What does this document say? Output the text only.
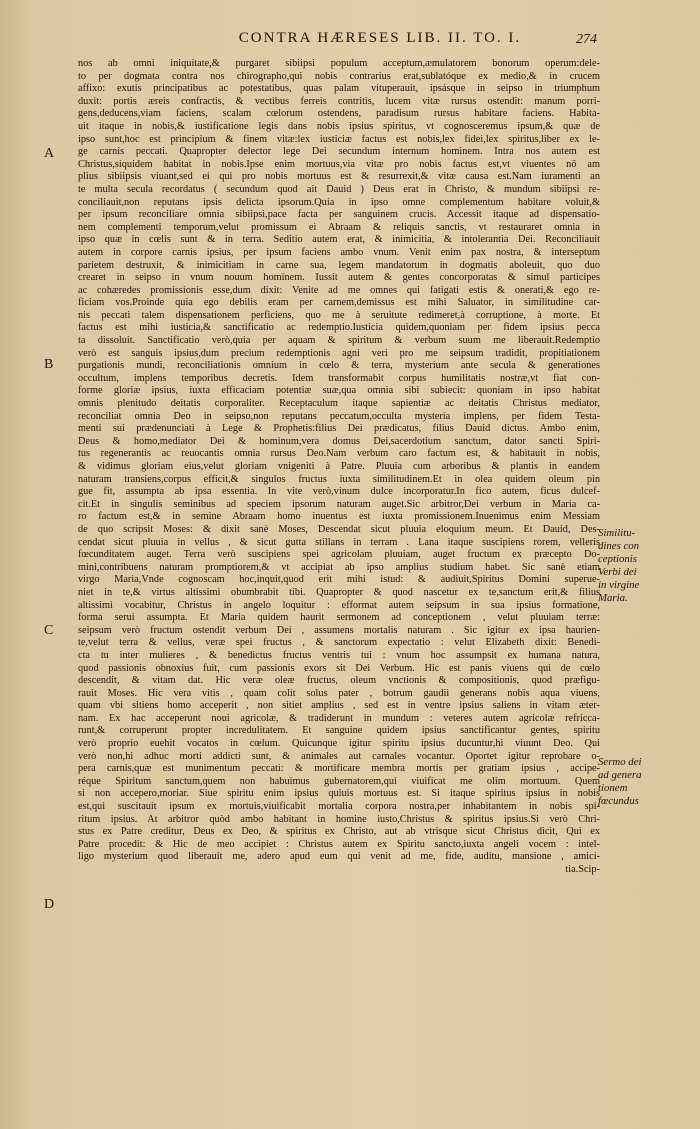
CONTRA HÆRESES LIB. II. TO. I.	274
nos ab omni iniquitate,& purgaret sibiipsi populum acceptum,æmulatorem bonorum operum:dele-
to per dogmata contra nos chirographo,qui nobis contrarius erat,sublatóque ex medio,& in crucem
affixo: exutis principatibus ac potestatibus, quas palam vituperauit, ipsásque in seipso in triumphum
duxit: portis æreis confractis, & vectibus ferreis contritis, lucem vitæ rursus ostendit: manum porri-
gens,deducens,viam faciens, scalam cœlorum ostendens, paradisum rursus habitare faciens. Habita-
uit itaque in nobis,& iustificatione legis dans nobis ipsius spiritus, vt cognosceremus ipsum,& quæ de
ipso sunt,hoc est principium & finem vitæ:lex iusticiæ factus est nobis,lex fidei,lex spiritus,liber ex le-
ge carnis peccati. Quapropter delector lege Dei secundum internum hominem. Intra nos autem est
Christus,siquidem habitat in nobis.Ipse enim mortuus,via vitæ pro nobis factus est,vt viuentes nō am
plius sibiipsis viuant,sed ei qui pro nobis mortuus est & resurrexit,& vitæ causa est.Nam iuramenti an
te multa secula recordatus ( secundum quod ait Dauid ) Deus erat in Christo, & mundum sibiipsi re-
conciliauit,non reputans ipsis delicta ipsorum.Quia in ipso omne complementum habitare voluit,&
per ipsum reconciliare omnia sibiipsi,pace facta per sanguinem crucis. Accessit itaque ad dispensatio-
nem complementi temporum,velut promissum ei Abraam & reliquis sanctis, vt restauraret omnia in
ipso quæ in cœlis sunt & in terra. Seditio autem erat, & inimicitia, & intolerantia Dei. Reconciliauit
autem in corpore carnis ipsius, per ipsum faciens ambo vnum. Venit enim pax nostra, & interseptum
parietem destruxit, & inimicitiam in carne sua, legem mandatorum in dogmatis aboleuit, quo duo
crearet in seipso in vnum nouum hominem. Iussit autem & gentes concorporatas & simul participes
ac cohæredes promissionis esse,dum dixit: Venite ad me omnes qui fatigati estis & onerati,& ego re-
ficiam vos.Proinde quia ego debilis eram per carnem,demissus est mihi Saluator, in similitudine car-
nis peccati talem dispensationem perficiens, quo me à seruitute redimeret,à corruptione, à morte. Et
factus est mihi iusticia,& sanctificatio ac redemptio.Iusticia quidem,quoniam per fidem ipsius pecca
ta dissoluit. Sanctificatio verò,quia per aquam & spiritum & verbum suum me liberauit.Redemptio
verò est sanguis ipsius,dum precium redemptionis agni veri pro me seipsum tradidit, propitiationem
purgationis mundi, reconciliationis omnium in cœlo & terra, mysterium ante secula & generationes
occultum, implens temporibus decretis. Idem transformabit corpus humilitatis nostræ,vt fiat con-
forme gloriæ ipsius, iuxta efficaciam potentiæ suæ,qua omnia sibi subiecit: quoniam in ipso habitat
omnis plenitudo deitatis corporaliter. Receptaculum itaque sapientiæ ac deitatis Christus mediator,
reconciliat omnia Deo in seipso,non reputans peccatum,occulta mysteria implens, per fidem Testa-
menti sui prædenunciati à Lege & Prophetis:filius Dei prædicatus, filius Dauid dictus. Ambo enim,
Deus & homo,mediator Dei & hominum,vera domus Dei,sacerdotium sanctum, dator sancti Spiri-
tus regenerantis ac reuocantis omnia rursus Deo.Nam verbum caro factum est, & habitauit in nobis,
& vidimus gloriam eius,velut gloriam vnigeniti à Patre. Pluuia cum arboribus & plantis in eandem
naturam transiens,corpus efficit,& singulos fructus iuxta similitudinem.Et in olea quidem oleum pin
gue fit, assumpta ab ipsa essentia. In vite verò,vinum dulce incorporatur.In fico autem, ficus dulcef-
cit.Et in singulis seminibus ad speciem ipsorum naturam auget.Sic arbitror,Dei verbum in Maria ca-
ro factum est,& in semine Abraam homo inuentus est iuxta promissionem.Inuenimus enim Messiam
de quo scripsit Moses: & dixit sanè Moses, Descendat sicut pluuia eloquium meum. Et Dauid, Des-
cendat sicut pluuia in vellus , & sicut gutta stillans in terram . Lana itaque suscipiens rorem, velleris
fœcunditatem auget. Terra verò suscipiens spei agricolam pluuiam, auget fructum ex præcepto Do-
mini,contribuens naturam promptiorem,& vt accipiat ab ipso amplius studium habet. Sic sanè etiam
virgo Maria,Vnde cognoscam hoc,inquit,quod erit mihi istud: & audiuit,Spiritus Domini superue-
niet in te,& virtus altissimi obumbrabit tibi. Quapropter & quod nascetur ex te,sanctum erit,& filius
altissimi vocabitur, Christus in angelo loquitur : efformat autem seipsum in sua ipsius formatione,
forma serui assumpta. Et Maria quidem haurit sermonem ad conceptionem , velut pluuiam terræ:
seipsum verò fructum ostendit verbum Dei , assumens mortalis naturam . Sic igitur ex ipsa haurien-
te,velut terra & vellus, veræ spei fructus , & sanctorum expectatio : velut Elizabeth dixit: Benedi-
cta tu inter mulieres , & benedictus fructus ventris tui : vnum hoc assumpsit ex humana natura,
quod passionis obnoxius fuit, cum passionis exors sit Dei Verbum. Hic est panis viuens qui de cœlo
descendit, & vitam dat. Hic veræ oleæ fructus, oleum vnctionis & compositionis, quod præfigu-
rauit Moses. Hic vera vitis , quam colit solus pater , botrum gaudii generans nobis aqua viuens,
quam vbi sitiens homo acceperit , non sitiet amplius , sed est in ventre ipsius saliens in vitam æter-
nam. Ex hac acceperunt noui agricolæ, & tradiderunt in mundum : veteres autem agricolæ refricca-
runt,& corruperunt propter incredulitatem. Et sanguine quidem ipsius sanctificantur gentes, spiritu
verò proprio euehit vocatos in cœlum. Quicunque igitur spiritu ipsius ducuntur,hi viuunt Deo. Qui
verò non,hi adhuc morti addicti sunt, & animales aut carnales vocantur. Oportet igitur reprobare o-
pera carnis,quæ est munimentum peccati: & mortificare membra mortis per gratiam ipsius , accipe-
réque Spiritum sanctum,quem non habuimus gubernatorem,qui viuificat me olim mortuum. Quem
si non accepero,moriar. Siue spiritu enim ipsius quiuis mortuus est. Si itaque spiritus ipsius in nobis
est,qui suscitauit ipsum ex mortuis,viuificabit mortalia corpora nostra,per inhabitantem in nobis spi-
ritum ipsius. At arbitror quòd ambo habitant in homine iusto,Christus & spiritus ipsius.Si verò Chri-
stus ex Patre creditur, Deus ex Deo, & spiritus ex Christo, aut ab vtrisque sicut Christus dicit, Qui ex
Patre procedit: & Hic de meo accipiet : Christus autem ex Spiritu sancto,iuxta angeli vocem : intel-
ligo mysterium quod liberauit me, adero apud eum qui venit ad me, fide, auditu, mansione , amici-
tia.Scip-
A
B
C
D
Similitu-
dines con
ceptionis
Verbi dei
in virgine
Maria.
Sermo dei
ad genera
tionem
fœcundus
